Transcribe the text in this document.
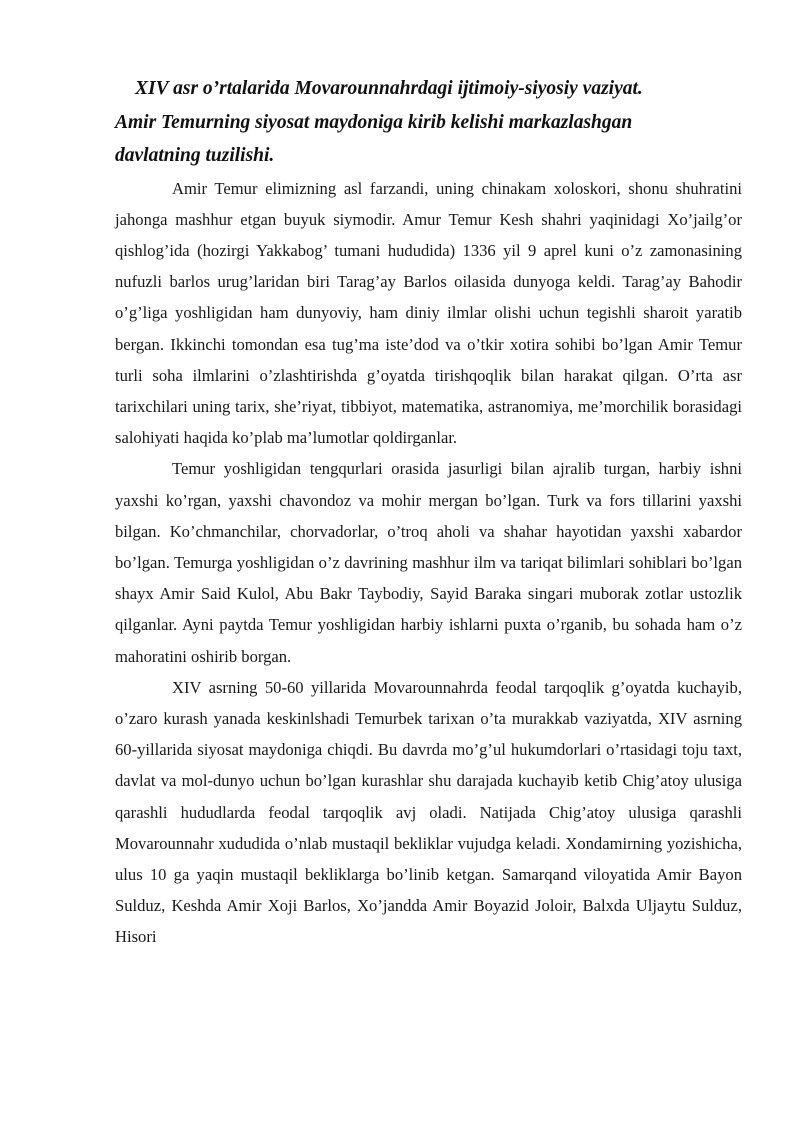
XIV asr o’rtalarida Movarounnahrdagi ijtimoiy-siyosiy vaziyat.
Amir Temurning siyosat maydoniga kirib kelishi markazlashgan
davlatning tuzilishi.

Amir Temur elimizning asl farzandi, uning chinakam xoloskori, shonu shuhratini jahonga mashhur etgan buyuk siymodir. Amur Temur Kesh shahri yaqinidagi Xo’jailg’or qishlog’ida (hozirgi Yakkabog’ tumani hududida) 1336 yil 9 aprel kuni o’z zamonasining nufuzli barlos urug’laridan biri Tarag’ay Barlos oilasida dunyoga keldi. Tarag’ay Bahodir o’g’liga yoshligidan ham dunyoviy, ham diniy ilmlar olishi uchun tegishli sharoit yaratib bergan. Ikkinchi tomondan esa tug’ma iste’dod va o’tkir xotira sohibi bo’lgan Amir Temur turli soha ilmlarini o’zlashtirishda g’oyatda tirishqoqlik bilan harakat qilgan. O’rta asr tarixchilari uning tarix, she’riyat, tibbiyot, matematika, astranomiya, me’morchilik borasidagi salohiyati haqida ko’plab ma’lumotlar qoldirganlar.

Temur yoshligidan tengqurlari orasida jasurligi bilan ajralib turgan, harbiy ishni yaxshi ko’rgan, yaxshi chavondoz va mohir mergan bo’lgan. Turk va fors tillarini yaxshi bilgan. Ko’chmanchilar, chorvadorlar, o’troq aholi va shahar hayotidan yaxshi xabardor bo’lgan. Temurga yoshligidan o’z davrining mashhur ilm va tariqat bilimlari sohiblari bo’lgan shayx Amir Said Kulol, Abu Bakr Taybodiy, Sayid Baraka singari muborak zotlar ustozlik qilganlar. Ayni paytda Temur yoshligidan harbiy ishlarni puxta o’rganib, bu sohada ham o’z mahoratini oshirib borgan.

XIV asrning 50-60 yillarida Movarounnahrda feodal tarqoqlik g’oyatda kuchayib, o’zaro kurash yanada keskinlshadi Temurbek tarixan o’ta murakkab vaziyatda, XIV asrning 60-yillarida siyosat maydoniga chiqdi. Bu davrda mo’g’ul hukumdorlari o’rtasidagi toju taxt, davlat va mol-dunyo uchun bo’lgan kurashlar shu darajada kuchayib ketib Chig’atoy ulusiga qarashli hududlarda feodal tarqoqlik avj oladi. Natijada Chig’atoy ulusiga qarashli Movarounnahr xududida o’nlab mustaqil bekliklar vujudga keladi. Xondamirning yozishicha, ulus 10 ga yaqin mustaqil bekliklarga bo’linib ketgan. Samarqand viloyatida Amir Bayon Sulduz, Keshda Amir Xoji Barlos, Xo’jandda Amir Boyazid Joloir, Balxda Uljaytu Sulduz, Hisori
